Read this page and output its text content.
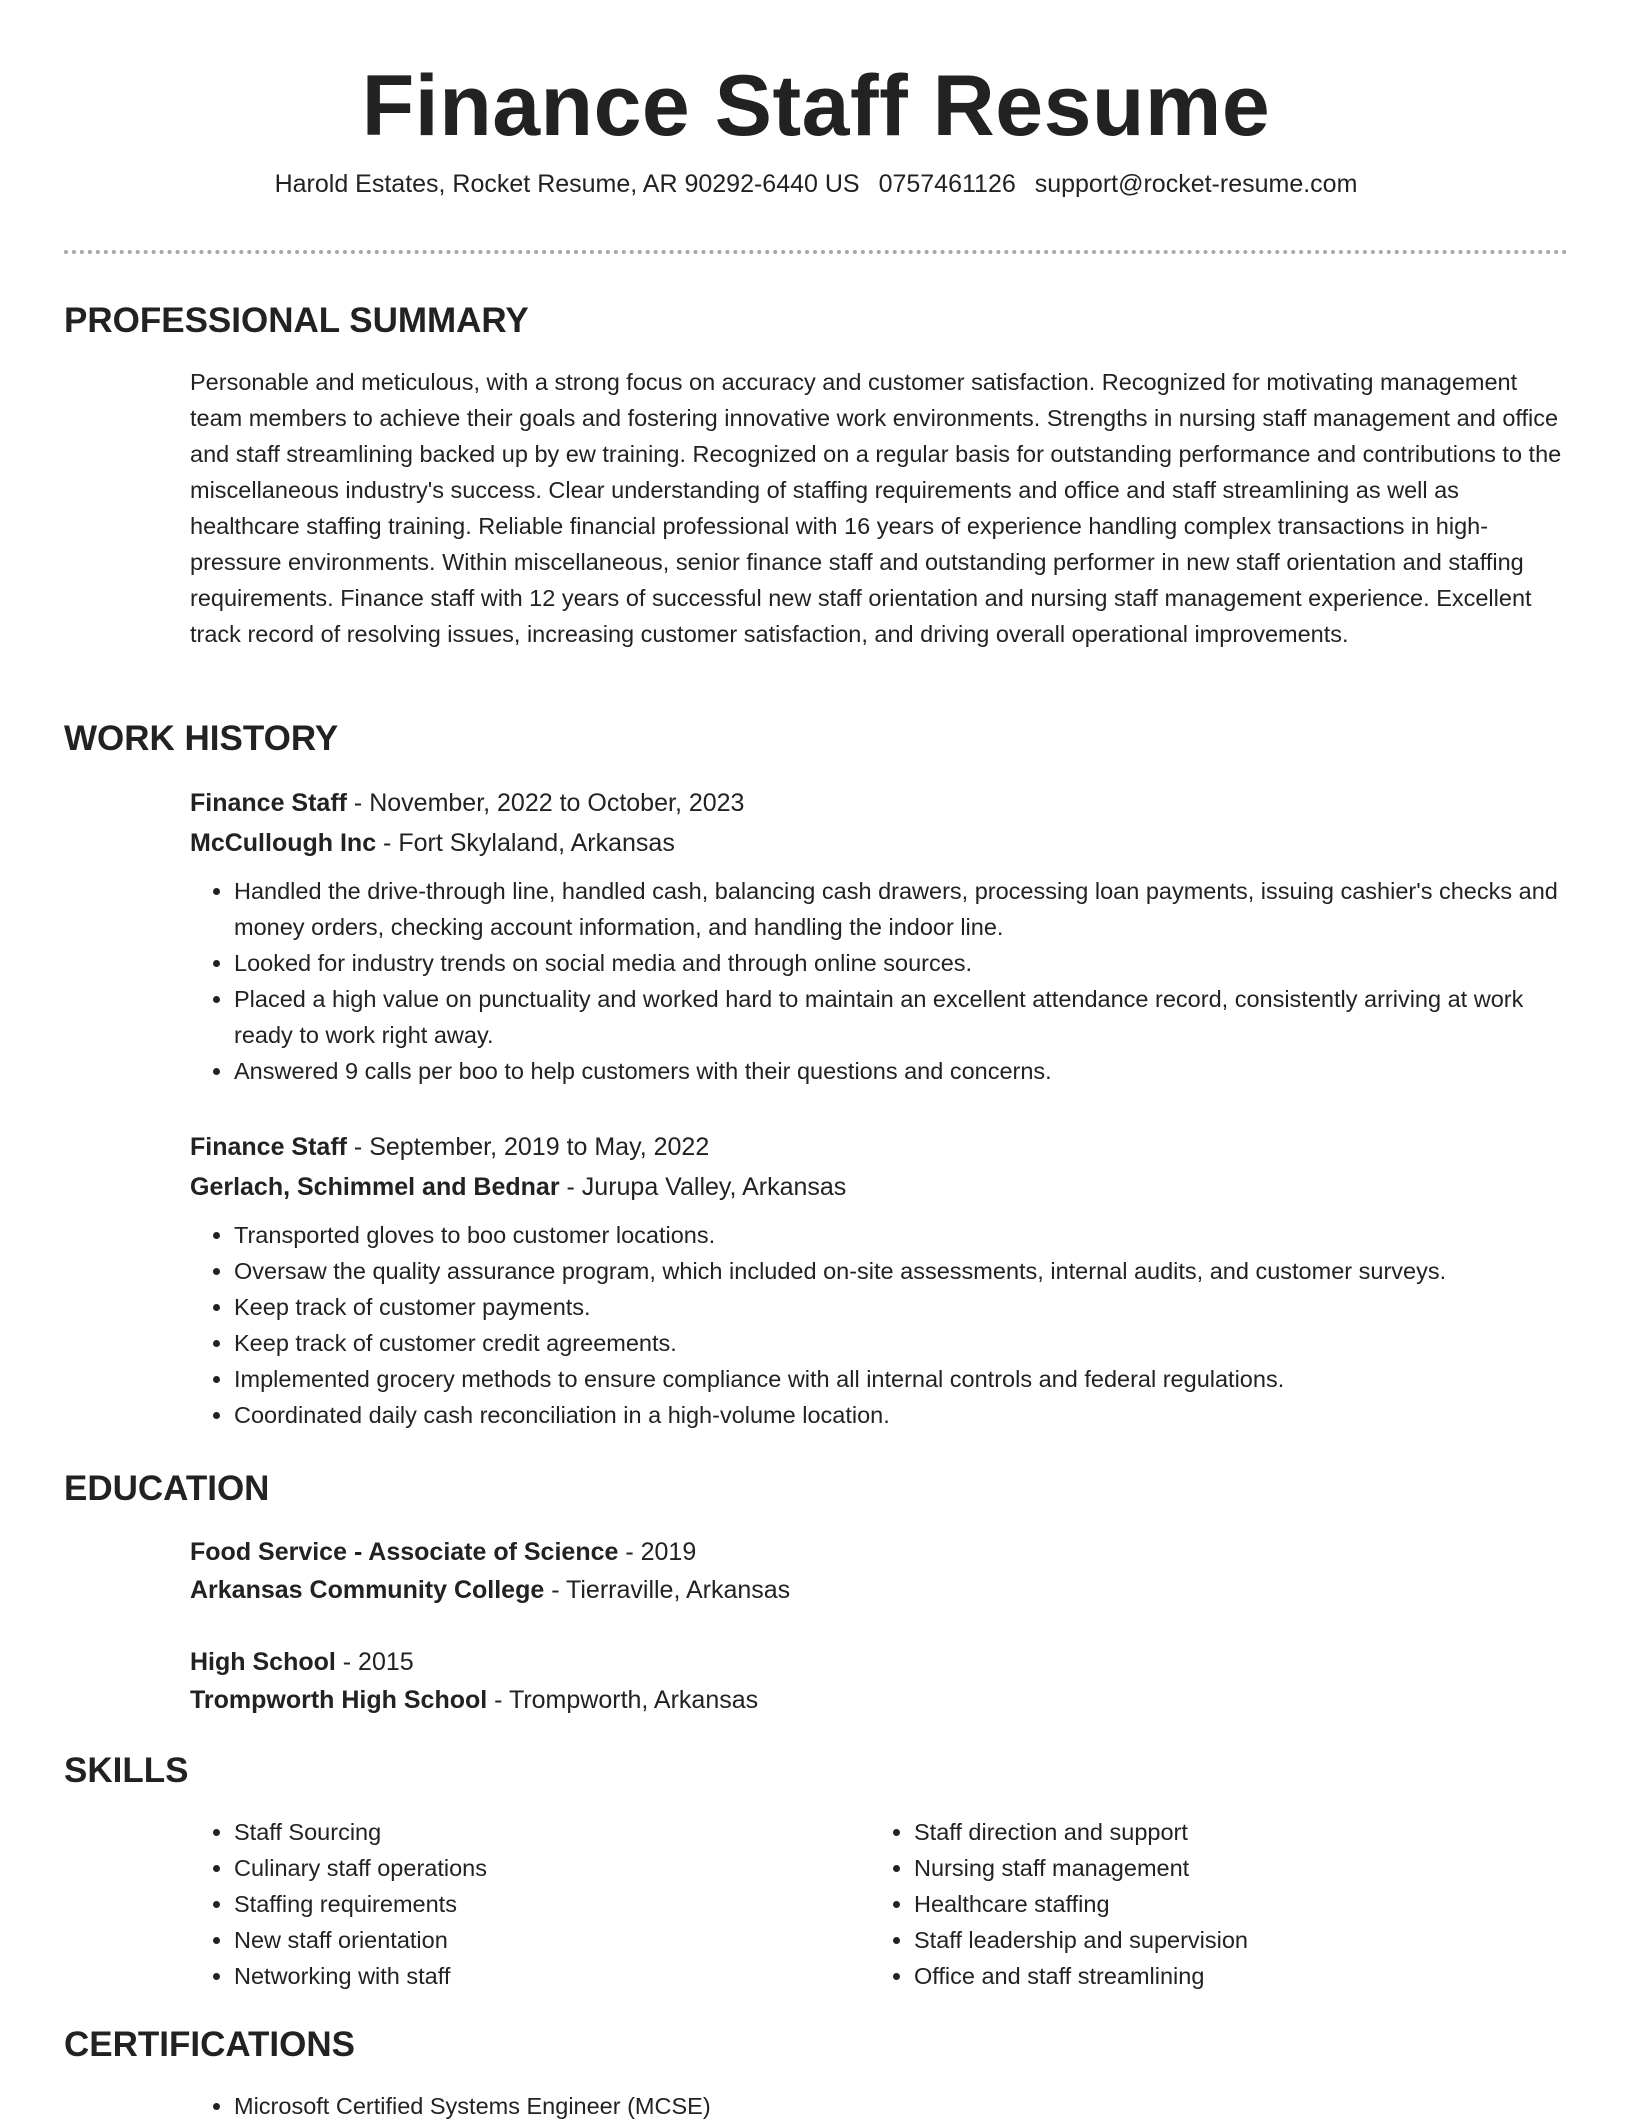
Finance Staff Resume
Harold Estates, Rocket Resume, AR 90292-6440 US 0757461126 support@rocket-resume.com
PROFESSIONAL SUMMARY

Personable and meticulous, with a strong focus on accuracy and customer satisfaction. Recognized for motivating management team members to achieve their goals and fostering innovative work environments. Strengths in nursing staff management and office and staff streamlining backed up by ew training. Recognized on a regular basis for outstanding performance and contributions to the miscellaneous industry's success. Clear understanding of staffing requirements and office and staff streamlining as well as healthcare staffing training. Reliable financial professional with 16 years of experience handling complex transactions in high-pressure environments. Within miscellaneous, senior finance staff and outstanding performer in new staff orientation and staffing requirements. Finance staff with 12 years of successful new staff orientation and nursing staff management experience. Excellent track record of resolving issues, increasing customer satisfaction, and driving overall operational improvements.

WORK HISTORY

Finance Staff - November, 2022 to October, 2023

McCullough Inc - Fort Skylaland, Arkansas

• Handled the drive-through line, handled cash, balancing cash drawers, processing loan payments, issuing cashier's checks and money orders, checking account information, and handling the indoor line.
• Looked for industry trends on social media and through online sources.
• Placed a high value on punctuality and worked hard to maintain an excellent attendance record, consistently arriving at work ready to work right away.
• Answered 9 calls per boo to help customers with their questions and concerns.

Finance Staff - September, 2019 to May, 2022

Gerlach, Schimmel and Bednar - Jurupa Valley, Arkansas

• Transported gloves to boo customer locations.
• Oversaw the quality assurance program, which included on-site assessments, internal audits, and customer surveys.
• Keep track of customer payments.
• Keep track of customer credit agreements.
• Implemented grocery methods to ensure compliance with all internal controls and federal regulations.
• Coordinated daily cash reconciliation in a high-volume location.
EDUCATION

Food Service - Associate of Science - 2019

Arkansas Community College - Tierraville, Arkansas

High School - 2015

Trompworth High School - Trompworth, Arkansas

SKILLS
• Staff Sourcing
• Culinary staff operations
• Staffing requirements
• New staff orientation
• Networking with staff
• Staff direction and support
• Nursing staff management
• Healthcare staffing
• Staff leadership and supervision
• Office and staff streamlining
CERTIFICATIONS
• Microsoft Certified Systems Engineer (MCSE)
